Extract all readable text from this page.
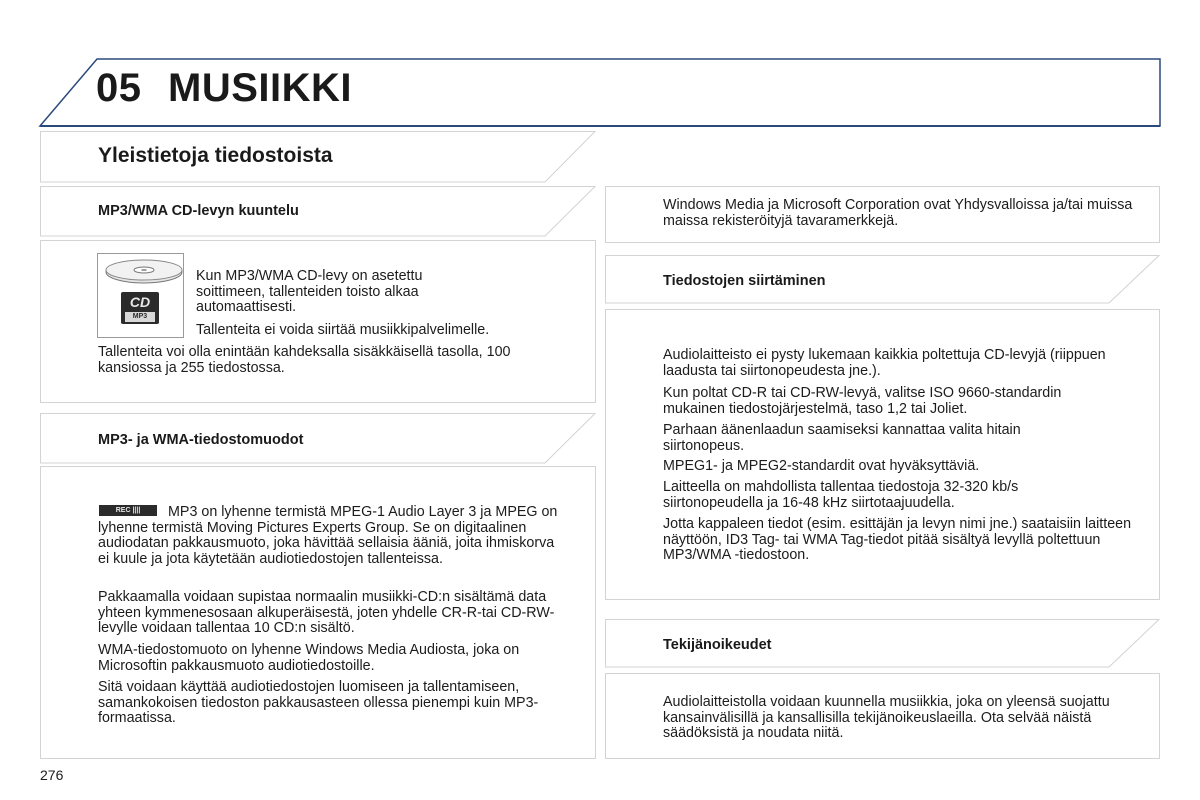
05 MUSIIKKI
Yleistietoja tiedostoista
MP3/WMA CD-levyn kuuntelu
CD
MP3
Kun MP3/WMA CD-levy on asetettu soittimeen, tallenteiden toisto alkaa automaattisesti.
Tallenteita ei voida siirtää musiikkipalvelimelle.
Tallenteita voi olla enintään kahdeksalla sisäkkäisellä tasolla, 100 kansiossa ja 255 tiedostossa.
MP3- ja WMA-tiedostomuodot
REC ||||	MP3 on lyhenne termistä MPEG-1 Audio Layer 3 ja MPEG on lyhenne termistä Moving Pictures Experts Group. Se on digitaalinen audiodatan pakkausmuoto, joka hävittää sellaisia ääniä, joita ihmiskorva ei kuule ja jota käytetään audiotiedostojen tallenteissa.
Pakkaamalla voidaan supistaa normaalin musiikki-CD:n sisältämä data yhteen kymmenesosaan alkuperäisestä, joten yhdelle CR-R-tai CD-RW-levylle voidaan tallentaa 10 CD:n sisältö.
WMA-tiedostomuoto on lyhenne Windows Media Audiosta, joka on Microsoftin pakkausmuoto audiotiedostoille.
Sitä voidaan käyttää audiotiedostojen luomiseen ja tallentamiseen, samankokoisen tiedoston pakkausasteen ollessa pienempi kuin MP3-formaatissa.
Windows Media ja Microsoft Corporation ovat Yhdysvalloissa ja/tai muissa maissa rekisteröityjä tavaramerkkejä.
Tiedostojen siirtäminen
Audiolaitteisto ei pysty lukemaan kaikkia poltettuja CD-levyjä (riippuen laadusta tai siirtonopeudesta jne.).
Kun poltat CD-R tai CD-RW-levyä, valitse ISO 9660-standardin mukainen tiedostojärjestelmä, taso 1,2 tai Joliet.
Parhaan äänenlaadun saamiseksi kannattaa valita hitain siirtonopeus.
MPEG1- ja MPEG2-standardit ovat hyväksyttäviä.
Laitteella on mahdollista tallentaa tiedostoja 32-320 kb/s siirtonopeudella ja 16-48 kHz siirtotaajuudella.
Jotta kappaleen tiedot (esim. esittäjän ja levyn nimi jne.) saataisiin laitteen näyttöön, ID3 Tag- tai WMA Tag-tiedot pitää sisältyä levyllä poltettuun MP3/WMA -tiedostoon.
Tekijänoikeudet
Audiolaitteistolla voidaan kuunnella musiikkia, joka on yleensä suojattu kansainvälisillä ja kansallisilla tekijänoikeuslaeilla. Ota selvää näistä säädöksistä ja noudata niitä.
276
